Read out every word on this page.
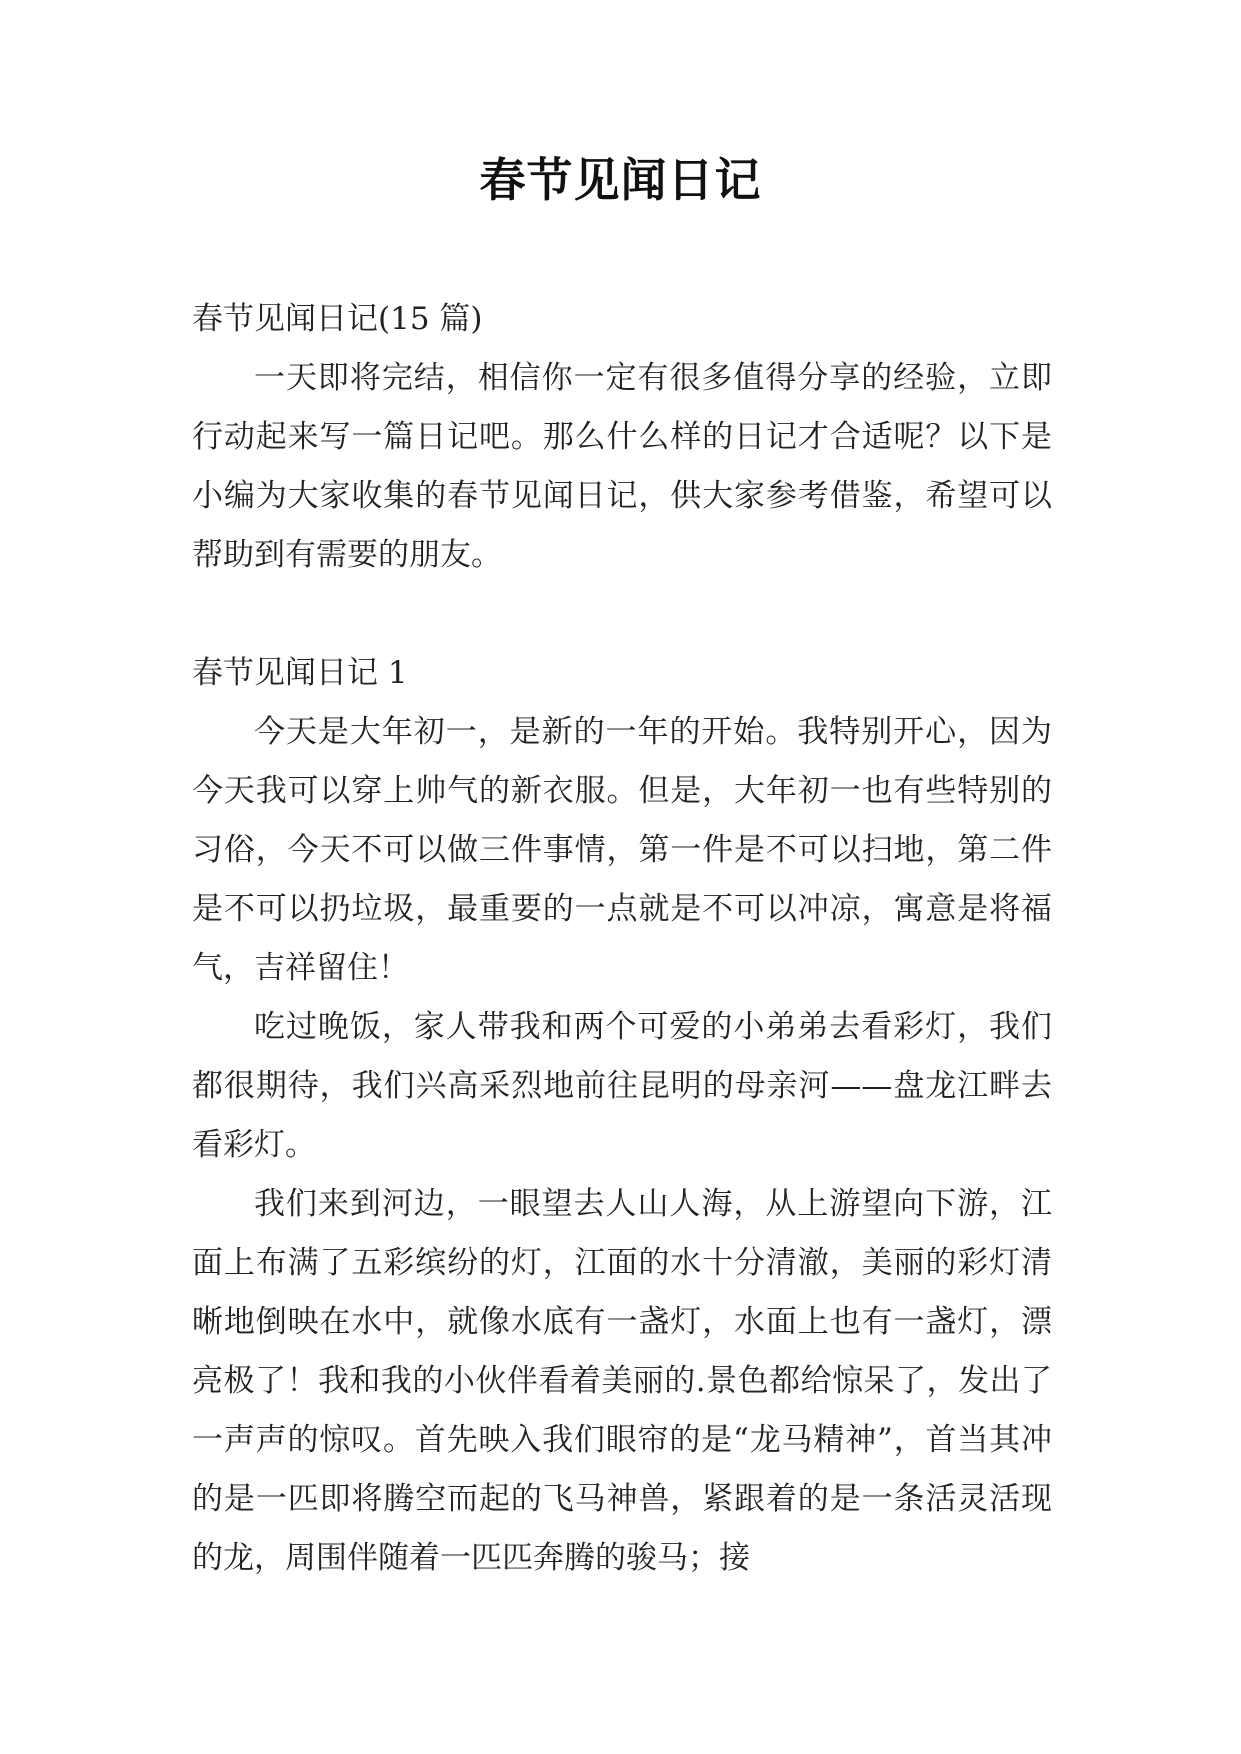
春节见闻日记

春节见闻日记(15 篇)

一天即将完结，相信你一定有很多值得分享的经验，立即行动起来写一篇日记吧。那么什么样的日记才合适呢？以下是小编为大家收集的春节见闻日记，供大家参考借鉴，希望可以帮助到有需要的朋友。

春节见闻日记 1

今天是大年初一，是新的一年的开始。我特别开心，因为今天我可以穿上帅气的新衣服。但是，大年初一也有些特别的习俗，今天不可以做三件事情，第一件是不可以扫地，第二件是不可以扔垃圾，最重要的一点就是不可以冲凉，寓意是将福气，吉祥留住！

吃过晚饭，家人带我和两个可爱的小弟弟去看彩灯，我们都很期待，我们兴高采烈地前往昆明的母亲河——盘龙江畔去看彩灯。

我们来到河边，一眼望去人山人海，从上游望向下游，江面上布满了五彩缤纷的灯，江面的水十分清澈，美丽的彩灯清晰地倒映在水中，就像水底有一盏灯，水面上也有一盏灯，漂亮极了！我和我的小伙伴看着美丽的.景色都给惊呆了，发出了一声声的惊叹。首先映入我们眼帘的是“龙马精神”，首当其冲的是一匹即将腾空而起的飞马神兽，紧跟着的是一条活灵活现的龙，周围伴随着一匹匹奔腾的骏马；接
